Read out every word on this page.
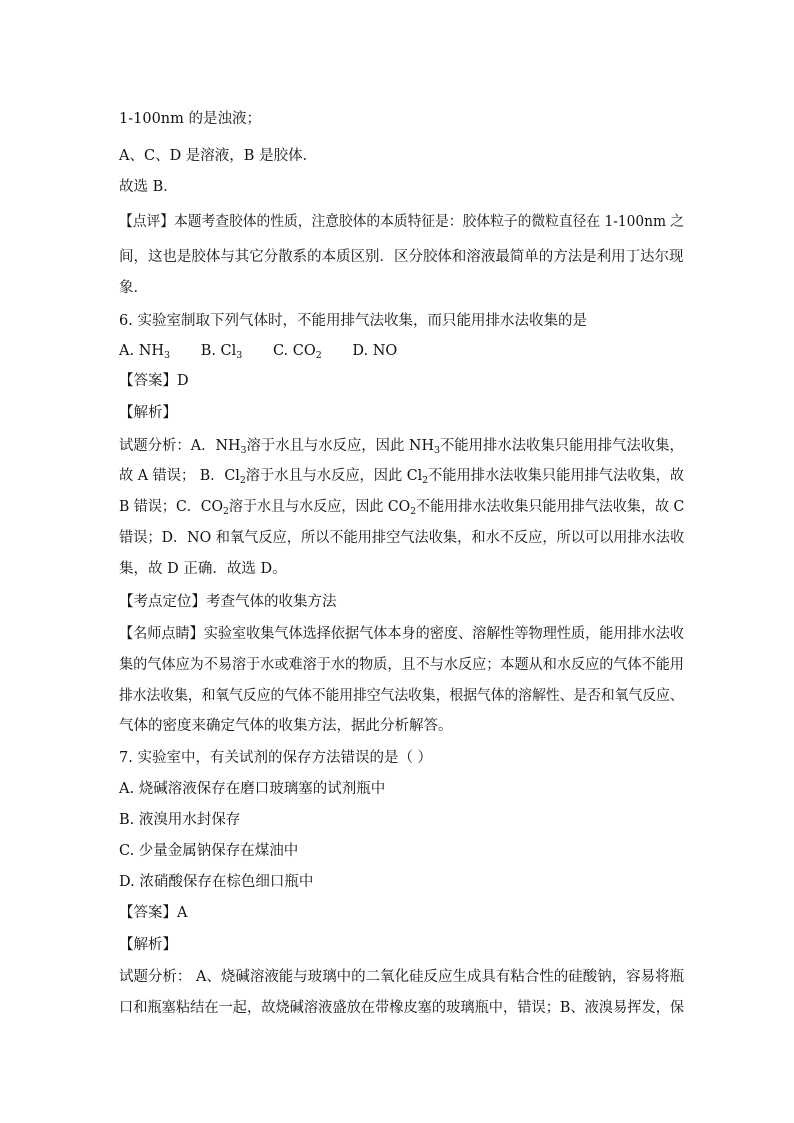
1-100nm 的是浊液；
A、C、D 是溶液，B 是胶体．
故选 B．
【点评】本题考查胶体的性质，注意胶体的本质特征是：胶体粒子的微粒直径在 1-100nm 之
间，这也是胶体与其它分散系的本质区别．区分胶体和溶液最简单的方法是利用丁达尔现
象．
6. 实验室制取下列气体时，不能用排气法收集，而只能用排水法收集的是
A. $NH_3$ B. $Cl_3$ C. $CO_2$ D. NO
【答案】D
【解析】
试题分析：A．$NH_3$溶于水且与水反应，因此 $NH_3$不能用排水法收集只能用排气法收集，
故 A 错误； B．$Cl_2$溶于水且与水反应，因此 $Cl_2$不能用排水法收集只能用排气法收集，故
B 错误；C．$CO_2$溶于水且与水反应，因此 $CO_2$不能用排水法收集只能用排气法收集，故 C
错误；D．NO 和氧气反应，所以不能用排空气法收集，和水不反应，所以可以用排水法收
集，故 D 正确．故选 D。
【考点定位】考查气体的收集方法
【名师点睛】实验室收集气体选择依据气体本身的密度、溶解性等物理性质，能用排水法收
集的气体应为不易溶于水或难溶于水的物质，且不与水反应；本题从和水反应的气体不能用
排水法收集，和氧气反应的气体不能用排空气法收集，根据气体的溶解性、是否和氧气反应、
气体的密度来确定气体的收集方法，据此分析解答。
7. 实验室中，有关试剂的保存方法错误的是（ ）
A. 烧碱溶液保存在磨口玻璃塞的试剂瓶中
B. 液溴用水封保存
C. 少量金属钠保存在煤油中
D. 浓硝酸保存在棕色细口瓶中
【答案】A
【解析】
试题分析： A、烧碱溶液能与玻璃中的二氧化硅反应生成具有粘合性的硅酸钠，容易将瓶
口和瓶塞粘结在一起，故烧碱溶液盛放在带橡皮塞的玻璃瓶中，错误；B、液溴易挥发，保
